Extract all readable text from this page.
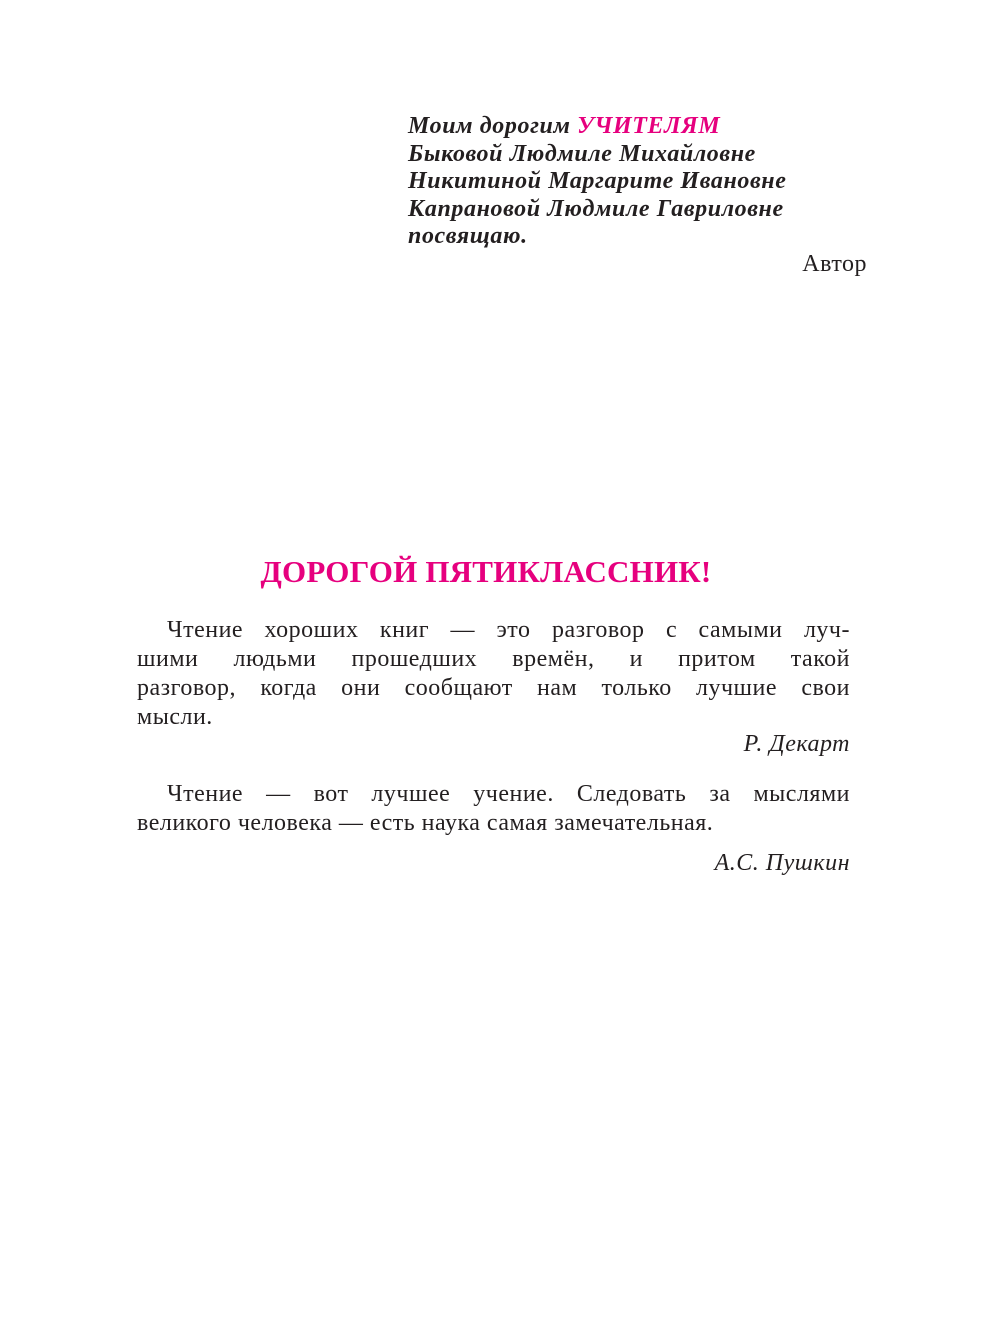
Моим дорогим УЧИТЕЛЯМ
Быковой Людмиле Михайловне
Никитиной Маргарите Ивановне
Капрановой Людмиле Гавриловне
посвящаю.
Автор
ДОРОГОЙ ПЯТИКЛАССНИК!
Чтение хороших книг — это разговор с самыми луч-
шими людьми прошедших времён, и притом такой
разговор, когда они сообщают нам только лучшие свои
мысли.
Р. Декарт
Чтение — вот лучшее учение. Следовать за мыслями
великого человека — есть наука самая замечательная.
А.С. Пушкин
